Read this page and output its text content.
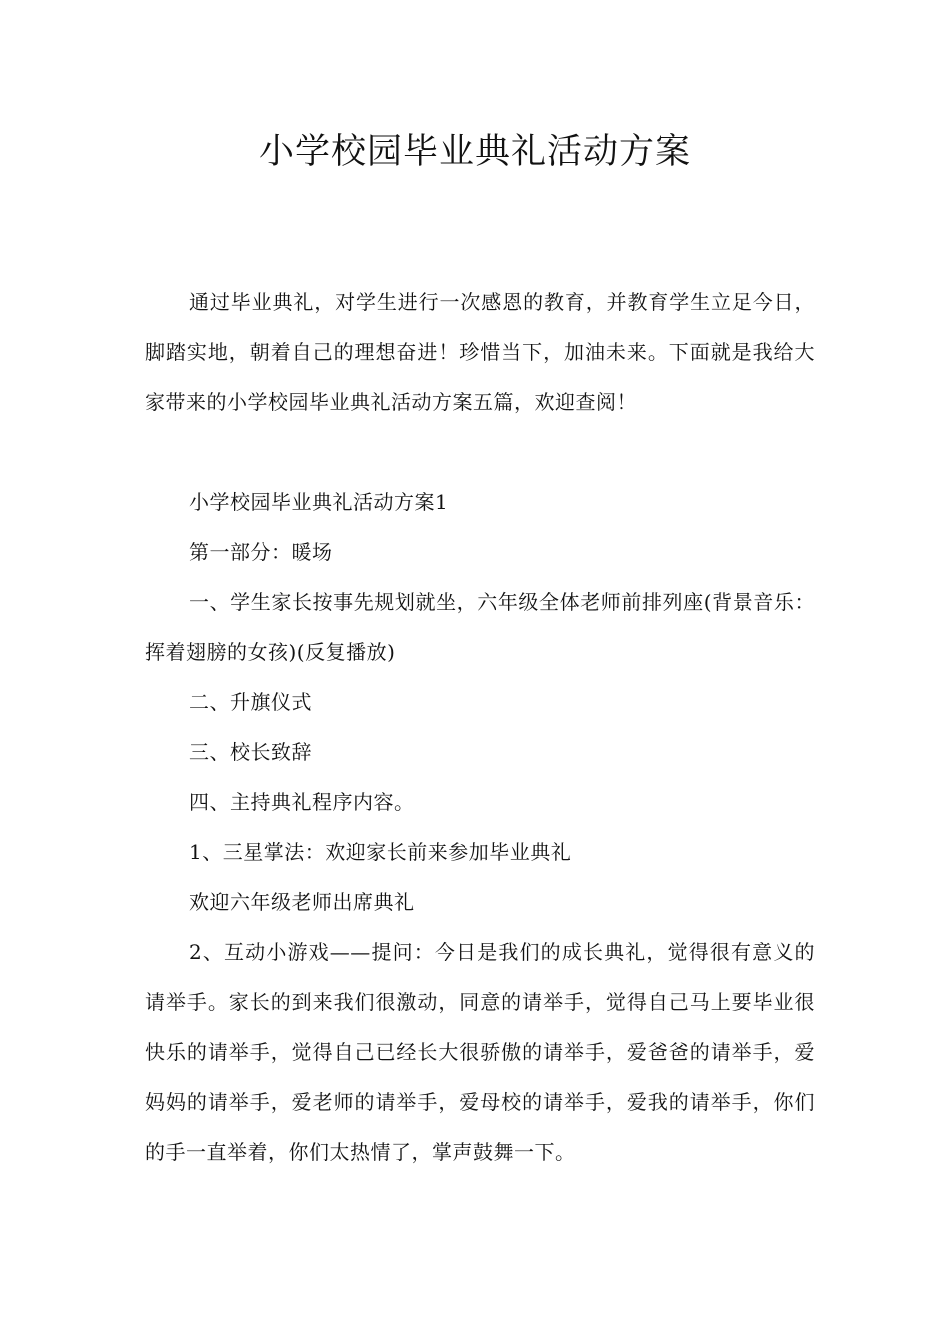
小学校园毕业典礼活动方案

通过毕业典礼，对学生进行一次感恩的教育，并教育学生立足今日，脚踏实地，朝着自己的理想奋进！珍惜当下，加油未来。下面就是我给大家带来的小学校园毕业典礼活动方案五篇，欢迎查阅！

小学校园毕业典礼活动方案1

第一部分：暖场

一、学生家长按事先规划就坐，六年级全体老师前排列座(背景音乐：挥着翅膀的女孩)(反复播放)

二、升旗仪式

三、校长致辞

四、主持典礼程序内容。

1、三星掌法：欢迎家长前来参加毕业典礼

欢迎六年级老师出席典礼

2、互动小游戏——提问：今日是我们的成长典礼，觉得很有意义的请举手。家长的到来我们很激动，同意的请举手，觉得自己马上要毕业很快乐的请举手，觉得自己已经长大很骄傲的请举手，爱爸爸的请举手，爱妈妈的请举手，爱老师的请举手，爱母校的请举手，爱我的请举手，你们的手一直举着，你们太热情了，掌声鼓舞一下。
